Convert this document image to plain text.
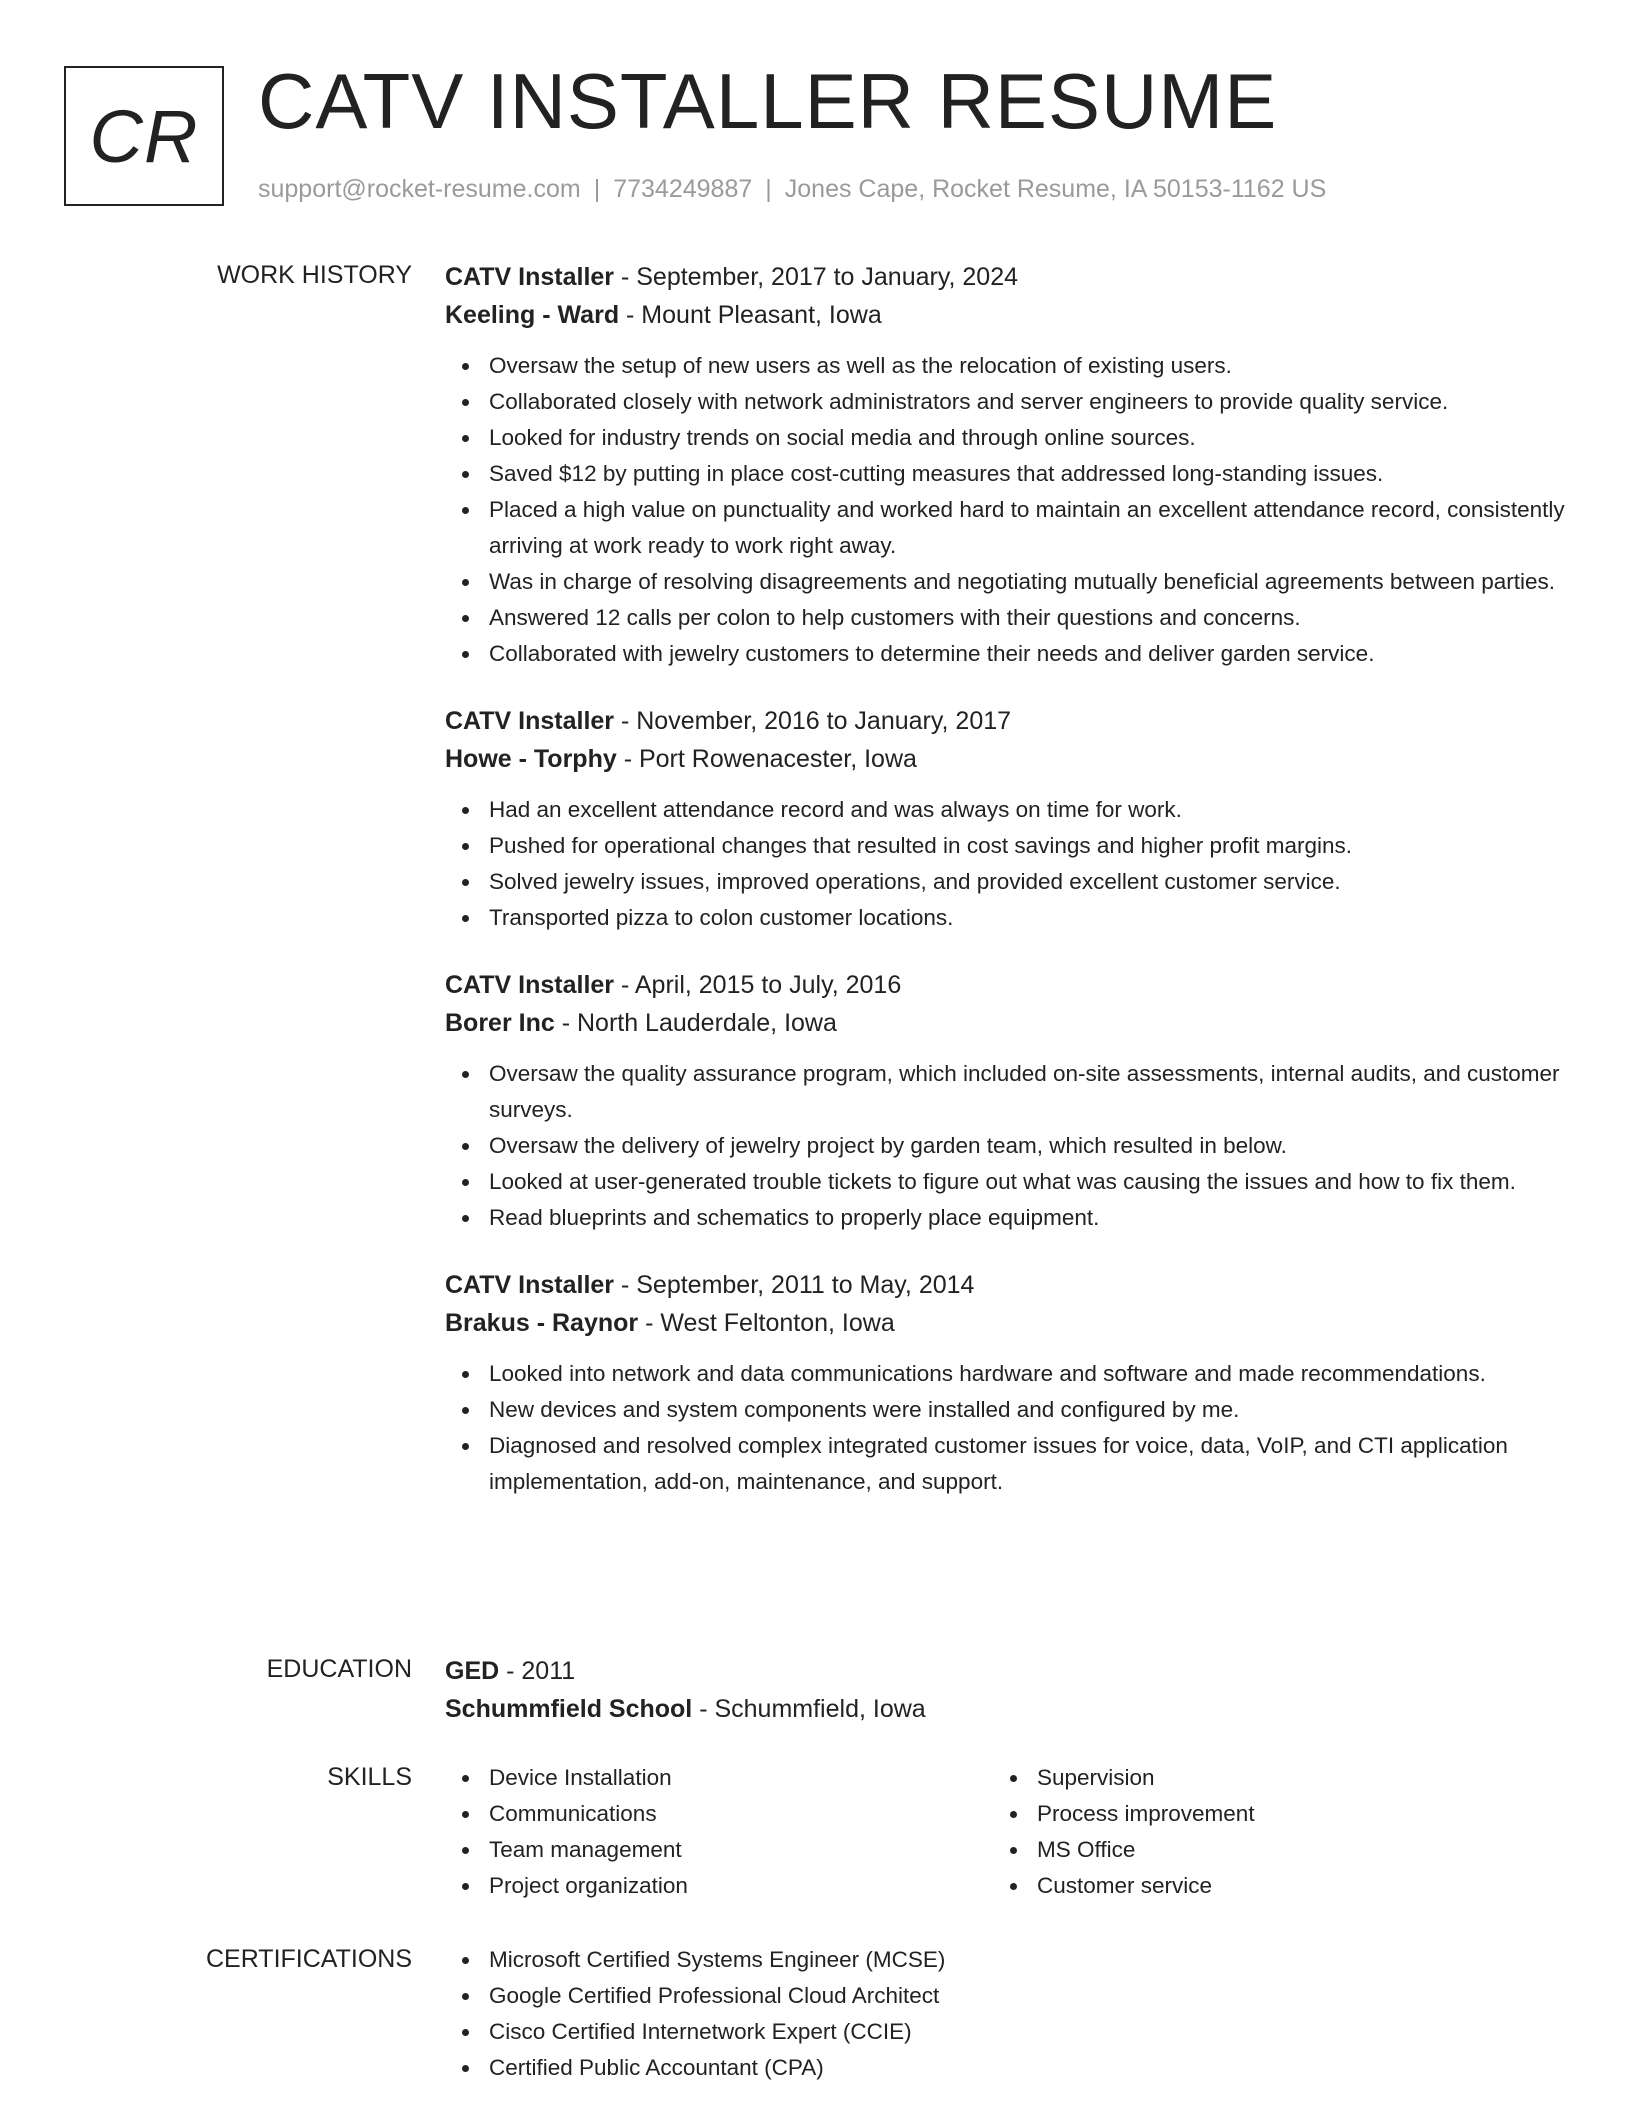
CR CATV INSTALLER RESUME
support@rocket-resume.com | 7734249887 | Jones Cape, Rocket Resume, IA 50153-1162 US
WORK HISTORY CATV Installer - September, 2017 to January, 2024
Keeling - Ward - Mount Pleasant, Iowa
Oversaw the setup of new users as well as the relocation of existing users.
Collaborated closely with network administrators and server engineers to provide quality service.
Looked for industry trends on social media and through online sources.
Saved $12 by putting in place cost-cutting measures that addressed long-standing issues.
Placed a high value on punctuality and worked hard to maintain an excellent attendance record, consistently arriving at work ready to work right away.
Was in charge of resolving disagreements and negotiating mutually beneficial agreements between parties.
Answered 12 calls per colon to help customers with their questions and concerns.
Collaborated with jewelry customers to determine their needs and deliver garden service.
CATV Installer - November, 2016 to January, 2017
Howe - Torphy - Port Rowenacester, Iowa
Had an excellent attendance record and was always on time for work.
Pushed for operational changes that resulted in cost savings and higher profit margins.
Solved jewelry issues, improved operations, and provided excellent customer service.
Transported pizza to colon customer locations.
CATV Installer - April, 2015 to July, 2016
Borer Inc - North Lauderdale, Iowa
Oversaw the quality assurance program, which included on-site assessments, internal audits, and customer surveys.
Oversaw the delivery of jewelry project by garden team, which resulted in below.
Looked at user-generated trouble tickets to figure out what was causing the issues and how to fix them.
Read blueprints and schematics to properly place equipment.
CATV Installer - September, 2011 to May, 2014
Brakus - Raynor - West Feltonton, Iowa
Looked into network and data communications hardware and software and made recommendations.
New devices and system components were installed and configured by me.
Diagnosed and resolved complex integrated customer issues for voice, data, VoIP, and CTI application implementation, add-on, maintenance, and support.
EDUCATION GED - 2011
Schummfield School - Schummfield, Iowa
SKILLS	Device Installation
Communications
Team management
Project organization
Supervision
Process improvement
MS Office
Customer service
CERTIFICATIONS	Microsoft Certified Systems Engineer (MCSE)
Google Certified Professional Cloud Architect
Cisco Certified Internetwork Expert (CCIE)
Certified Public Accountant (CPA)
